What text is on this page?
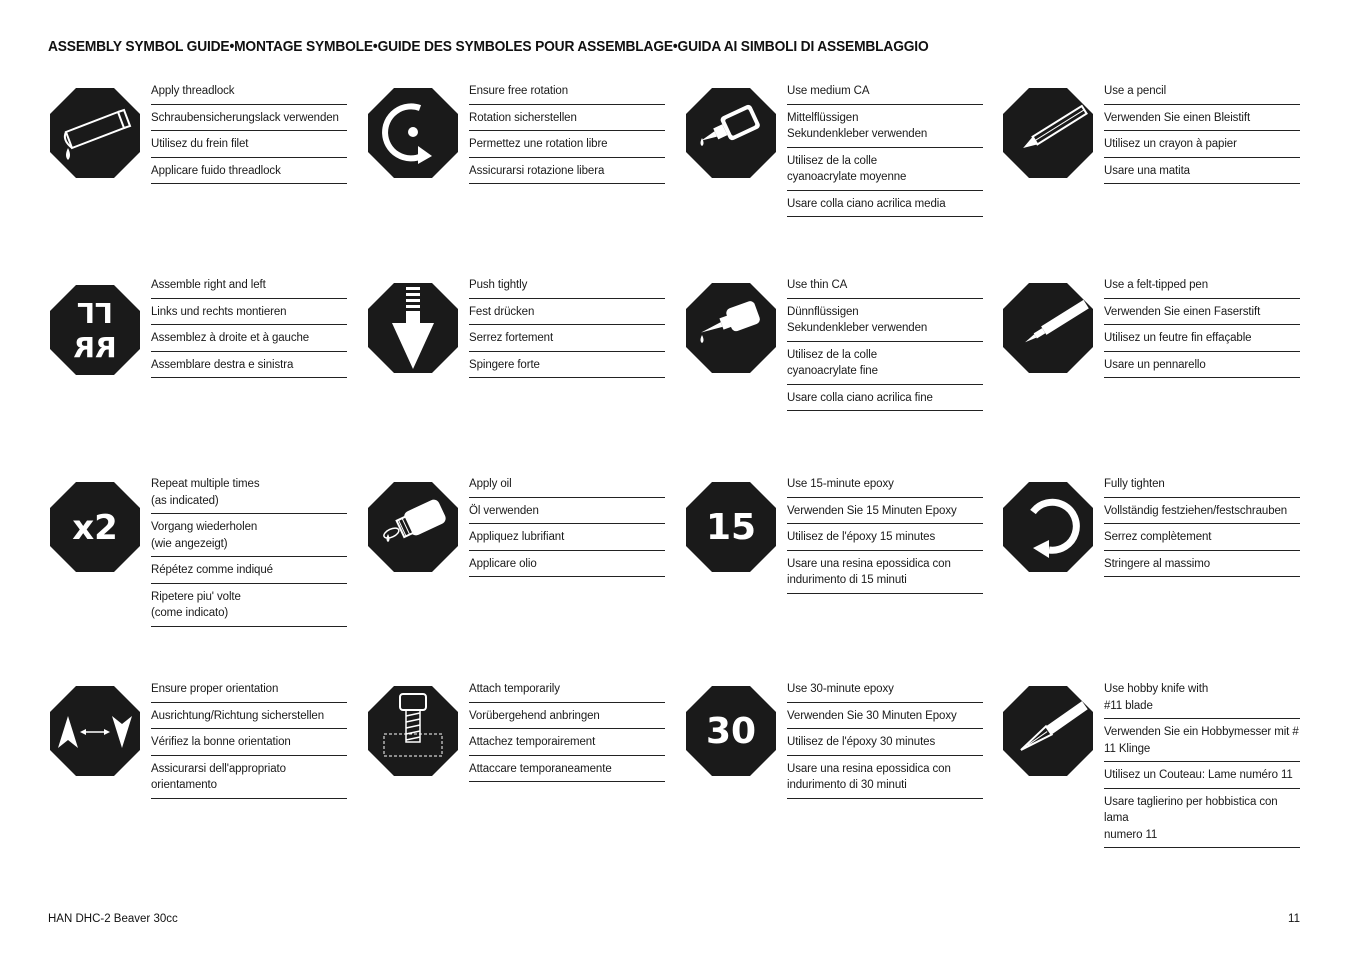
ASSEMBLY SYMBOL GUIDE•MONTAGE SYMBOLE•GUIDE DES SYMBOLES POUR ASSEMBLAGE•GUIDA AI SIMBOLI DI ASSEMBLAGGIO
Apply threadlock
Schraubensicherungslack verwenden
Utilisez du frein filet
Applicare fuido threadlock
Ensure free rotation
Rotation sicherstellen
Permettez une rotation libre
Assicurarsi rotazione libera
Use medium CA
Mittelflüssigen
Sekundenkleber verwenden
Utilisez de la colle
cyanoacrylate moyenne
Usare colla ciano acrilica media
Use a pencil
Verwenden Sie einen Bleistift
Utilisez un crayon à papier
Usare una matita
LL
RR
Assemble right and left
Links und rechts montieren
Assemblez à droite et à gauche
Assemblare destra e sinistra
Push tightly
Fest drücken
Serrez fortement
Spingere forte
Use thin CA
Dünnflüssigen
Sekundenkleber verwenden
Utilisez de la colle
cyanoacrylate fine
Usare colla ciano acrilica fine
Use a felt-tipped pen
Verwenden Sie einen Faserstift
Utilisez un feutre fin effaçable
Usare un pennarello
x2
Repeat multiple times
(as indicated)
Vorgang wiederholen
(wie angezeigt)
Répétez comme indiqué
Ripetere piu' volte
(come indicato)
Apply oil
Öl verwenden
Appliquez lubrifiant
Applicare olio
15
Use 15-minute epoxy
Verwenden Sie 15 Minuten Epoxy
Utilisez de l'époxy 15 minutes
Usare una resina epossidica con
indurimento di 15 minuti
Fully tighten
Vollständig festziehen/festschrauben
Serrez complètement
Stringere al massimo
Ensure proper orientation
Ausrichtung/Richtung sicherstellen
Vérifiez la bonne orientation
Assicurarsi dell'appropriato
orientamento
Attach temporarily
Vorübergehend anbringen
Attachez temporairement
Attaccare temporaneamente
30
Use 30-minute epoxy
Verwenden Sie 30 Minuten Epoxy
Utilisez de l'époxy 30 minutes
Usare una resina epossidica con
indurimento di 30 minuti
Use hobby knife with
#11 blade
Verwenden Sie ein Hobbymesser mit #
11 Klinge
Utilisez un Couteau: Lame numéro 11
Usare taglierino per hobbistica con lama
numero 11
HAN DHC-2 Beaver 30cc	11
